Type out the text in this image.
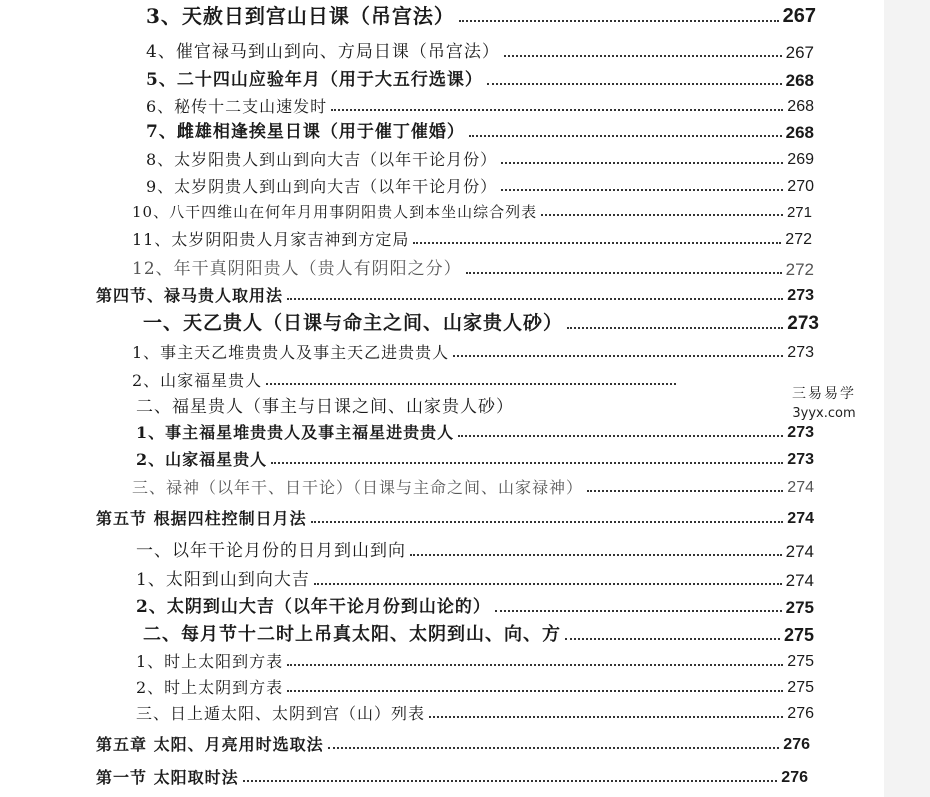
3、天赦日到宫山日课（吊宫法）	267
4、催官禄马到山到向、方局日课（吊宫法）	267
5、二十四山应验年月（用于大五行选课）	268
6、秘传十二支山速发时	268
7、雌雄相逢挨星日课（用于催丁催婚）	268
8、太岁阳贵人到山到向大吉（以年干论月份）	269
9、太岁阴贵人到山到向大吉（以年干论月份）	270
10、八干四维山在何年月用事阴阳贵人到本坐山综合列表	271
11、太岁阴阳贵人月家吉神到方定局	272
12、年干真阴阳贵人（贵人有阴阳之分）	272
第四节、禄马贵人取用法	273
一、天乙贵人（日课与命主之间、山家贵人砂）	273
1、事主天乙堆贵贵人及事主天乙进贵贵人	273
2、山家福星贵人
二、福星贵人（事主与日课之间、山家贵人砂）
1、事主福星堆贵贵人及事主福星进贵贵人	273
2、山家福星贵人	273
三、禄神（以年干、日干论）（日课与主命之间、山家禄神）	274
第五节 根据四柱控制日月法	274
一、以年干论月份的日月到山到向	274
1、太阳到山到向大吉	274
2、太阴到山大吉（以年干论月份到山论的）	275
二、每月节十二时上吊真太阳、太阴到山、向、方	275
1、时上太阳到方表	275
2、时上太阴到方表	275
三、日上遁太阳、太阴到宫（山）列表	276
第五章 太阳、月亮用时选取法	276
第一节 太阳取时法	276
三易易学
3yyx.com
